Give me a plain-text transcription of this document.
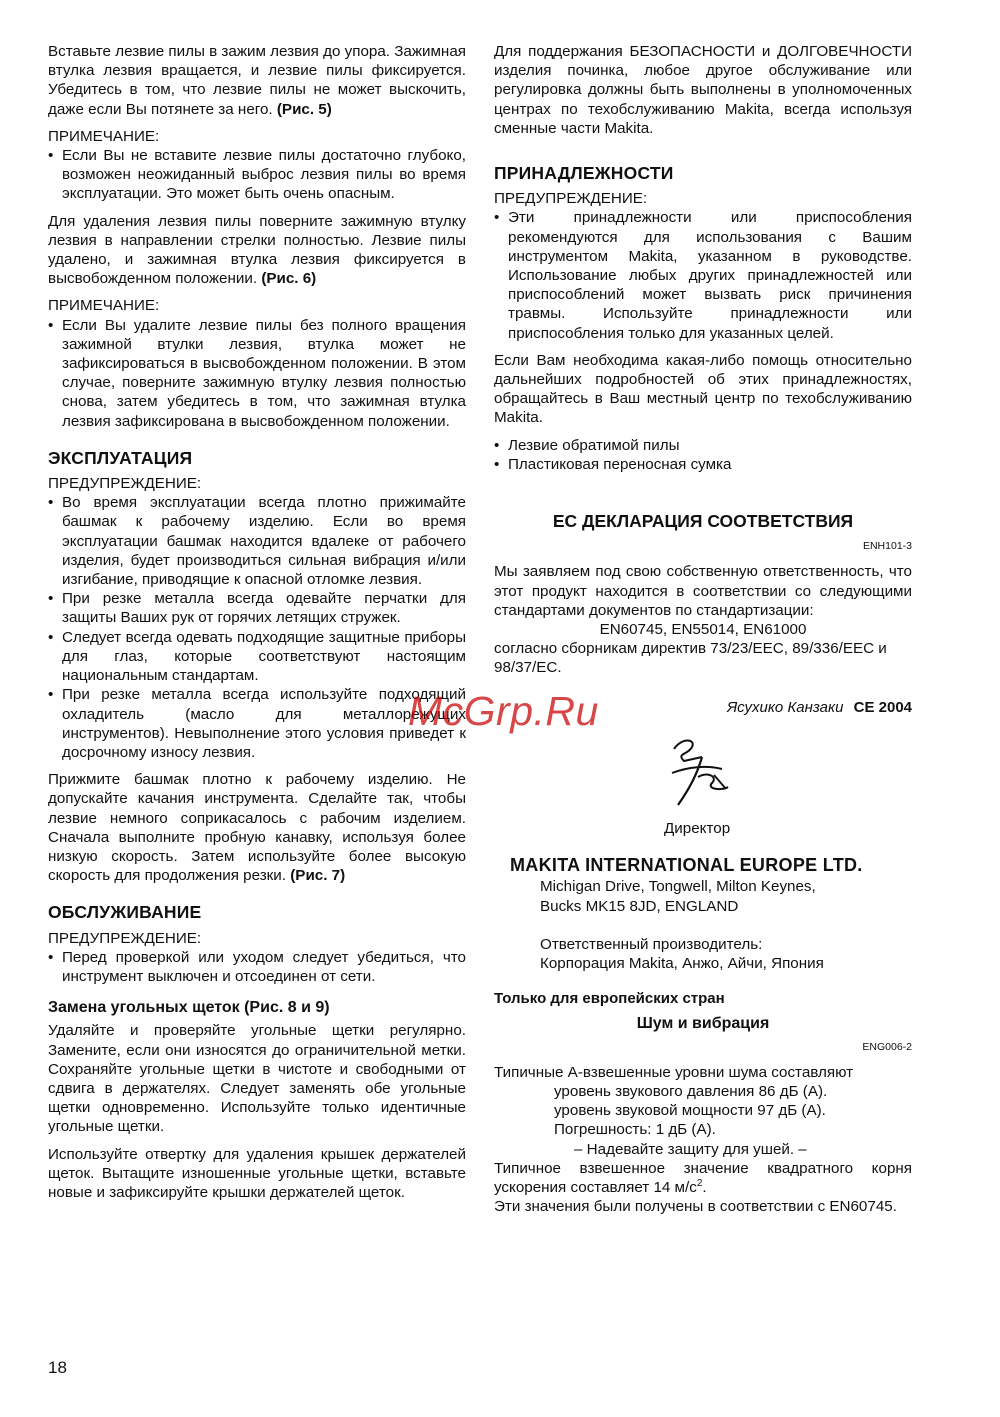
Вставьте лезвие пилы в зажим лезвия до упора. Зажимная втулка лезвия вращается, и лезвие пилы фиксируется. Убедитесь в том, что лезвие пилы не может выскочить, даже если Вы потянете за него. (Рис. 5)

ПРИМЕЧАНИЕ:
• Если Вы не вставите лезвие пилы достаточно глубоко, возможен неожиданный выброс лезвия пилы во время эксплуатации. Это может быть очень опасным.

Для удаления лезвия пилы поверните зажимную втулку лезвия в направлении стрелки полностью. Лезвие пилы удалено, и зажимная втулка лезвия фиксируется в высвобожденном положении. (Рис. 6)

ПРИМЕЧАНИЕ:
• Если Вы удалите лезвие пилы без полного вращения зажимной втулки лезвия, втулка может не зафиксироваться в высвобожденном положении. В этом случае, поверните зажимную втулку лезвия полностью снова, затем убедитесь в том, что зажимная втулка лезвия зафиксирована в высвобожденном положении.
ЭКСПЛУАТАЦИЯ
ПРЕДУПРЕЖДЕНИЕ:
• Во время эксплуатации всегда плотно прижимайте башмак к рабочему изделию. Если во время эксплуатации башмак находится вдалеке от рабочего изделия, будет производиться сильная вибрация и/или изгибание, приводящие к опасной отломке лезвия.
• При резке металла всегда одевайте перчатки для защиты Ваших рук от горячих летящих стружек.
• Следует всегда одевать подходящие защитные приборы для глаз, которые соответствуют настоящим национальным стандартам.
• При резке металла всегда используйте подходящий охладитель (масло для металлорежущих инструментов). Невыполнение этого условия приведет к досрочному износу лезвия.

Прижмите башмак плотно к рабочему изделию. Не допускайте качания инструмента. Сделайте так, чтобы лезвие немного соприкасалось с рабочим изделием. Сначала выполните пробную канавку, используя более низкую скорость. Затем используйте более высокую скорость для продолжения резки. (Рис. 7)

ОБСЛУЖИВАНИЕ
ПРЕДУПРЕЖДЕНИЕ:
• Перед проверкой или уходом следует убедиться, что инструмент выключен и отсоединен от сети.
Замена угольных щеток (Рис. 8 и 9)

Удаляйте и проверяйте угольные щетки регулярно. Замените, если они износятся до ограничительной метки. Сохраняйте угольные щетки в чистоте и свободными от сдвига в держателях. Следует заменять обе угольные щетки одновременно. Используйте только идентичные угольные щетки.

Используйте отвертку для удаления крышек держателей щеток. Вытащите изношенные угольные щетки, вставьте новые и зафиксируйте крышки держателей щеток.

Для поддержания БЕЗОПАСНОСТИ и ДОЛГОВЕЧНОСТИ изделия починка, любое другое обслуживание или регулировка должны быть выполнены в уполномоченных центрах по техобслуживанию Makita, всегда используя сменные части Makita.

ПРИНАДЛЕЖНОСТИ
ПРЕДУПРЕЖДЕНИЕ:
• Эти принадлежности или приспособления рекомендуются для использования с Вашим инструментом Makita, указанном в руководстве. Использование любых других принадлежностей или приспособлений может вызвать риск причинения травмы. Используйте принадлежности или приспособления только для указанных целей.

Если Вам необходима какая-либо помощь относительно дальнейших подробностей об этих принадлежностях, обращайтесь в Ваш местный центр по техобслуживанию Makita.

• Лезвие обратимой пилы
• Пластиковая переносная сумка
ЕС ДЕКЛАРАЦИЯ СООТВЕТСТВИЯ
ENH101-3

Мы заявляем под свою собственную ответственность, что этот продукт находится в соответствии со следующими стандартами документов по стандартизации:

EN60745, EN55014, EN61000
согласно сборникам директив 73/23/EEC, 89/336/EEC и 98/37/EC.
Ясухико Канзаки CE 2004
Директор
MAKITA INTERNATIONAL EUROPE LTD.
Michigan Drive, Tongwell, Milton Keynes,
Bucks MK15 8JD, ENGLAND
Ответственный производитель:
Корпорация Makita, Анжо, Айчи, Япония
Только для европейских стран
Шум и вибрация
ENG006-2
Типичные A-взвешенные уровни шума составляют
уровень звукового давления 86 дБ (A).
уровень звуковой мощности 97 дБ (A).
Погрешность: 1 дБ (A).
– Надевайте защиту для ушей. –

Типичное взвешенное значение квадратного корня ускорения составляет 14 $м/с^2$.

Эти значения были получены в соответствии с EN60745.

McGrp.Ru
18
